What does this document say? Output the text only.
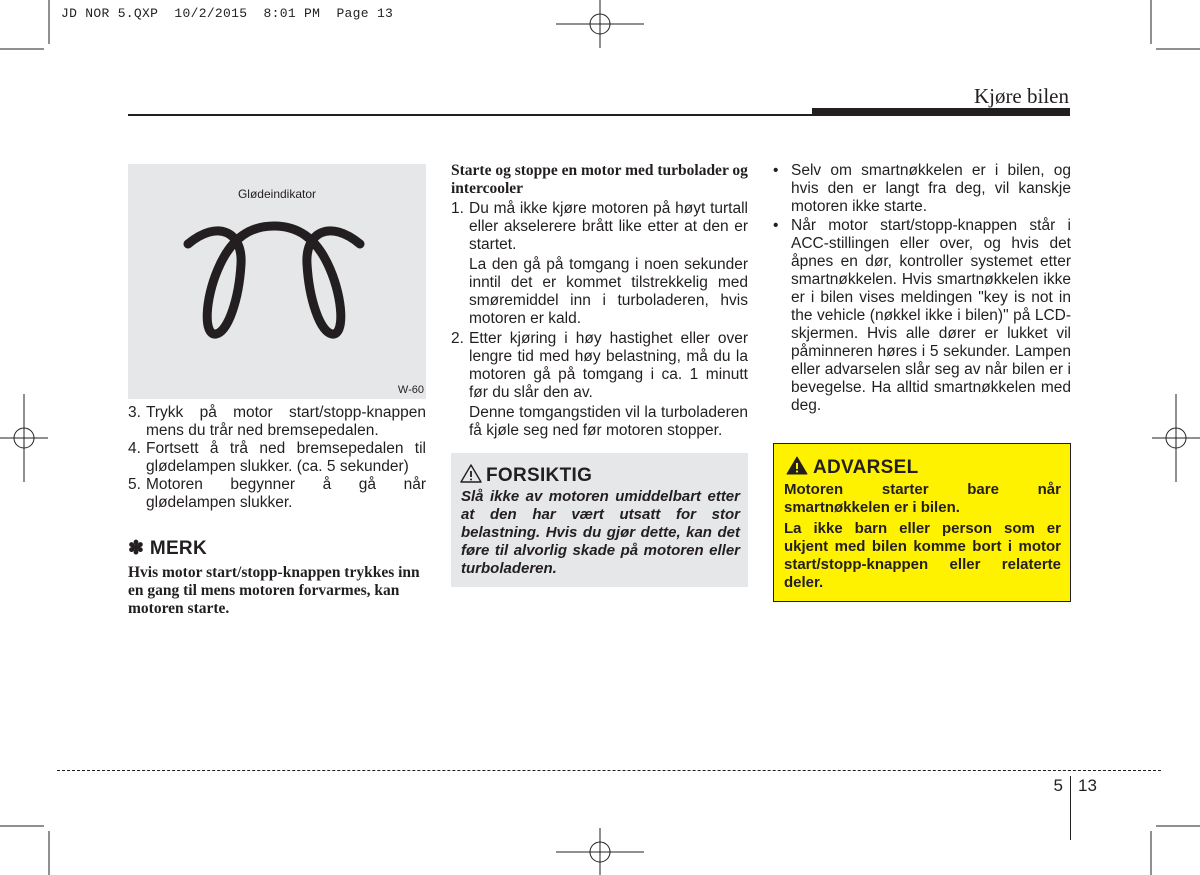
JD NOR 5.QXP  10/2/2015  8:01 PM  Page 13
Kjøre bilen
Glødeindikator
W-60
3. Trykk på motor start/stopp-knappen mens du trår ned bremsepedalen.
4. Fortsett å trå ned bremsepedalen til glødelampen slukker. (ca. 5 sekunder)
5. Motoren begynner å gå når glødelampen slukker.
✽ MERK
Hvis motor start/stopp-knappen trykkes inn en gang til mens motoren forvarmes, kan motoren starte.
Starte og stoppe en motor med turbolader og intercooler
1. Du må ikke kjøre motoren på høyt turtall eller akselerere brått like etter at den er startet.
La den gå på tomgang i noen sekunder inntil det er kommet tilstrekkelig med smøremiddel inn i turboladeren, hvis motoren er kald.
2. Etter kjøring i høy hastighet eller over lengre tid med høy belastning, må du la motoren gå på tomgang i ca. 1 minutt før du slår den av.
Denne tomgangstiden vil la turboladeren få kjøle seg ned før motoren stopper.
FORSIKTIG
Slå ikke av motoren umiddelbart etter at den har vært utsatt for stor belastning. Hvis du gjør dette, kan det føre til alvorlig skade på motoren eller turboladeren.
• Selv om smartnøkkelen er i bilen, og hvis den er langt fra deg, vil kanskje motoren ikke starte.
• Når motor start/stopp-knappen står i ACC-stillingen eller over, og hvis det åpnes en dør, kontroller systemet etter smartnøkkelen. Hvis smartnøkkelen ikke er i bilen vises meldingen "key is not in the vehicle (nøkkel ikke i bilen)" på LCD-skjermen. Hvis alle dører er lukket vil påminneren høres i 5 sekunder. Lampen eller advarselen slår seg av når bilen er i bevegelse. Ha alltid smartnøkkelen med deg.
ADVARSEL

Motoren starter bare når smartnøkkelen er i bilen.

La ikke barn eller person som er ukjent med bilen komme bort i motor start/stopp-knappen eller relaterte deler.

5 13
